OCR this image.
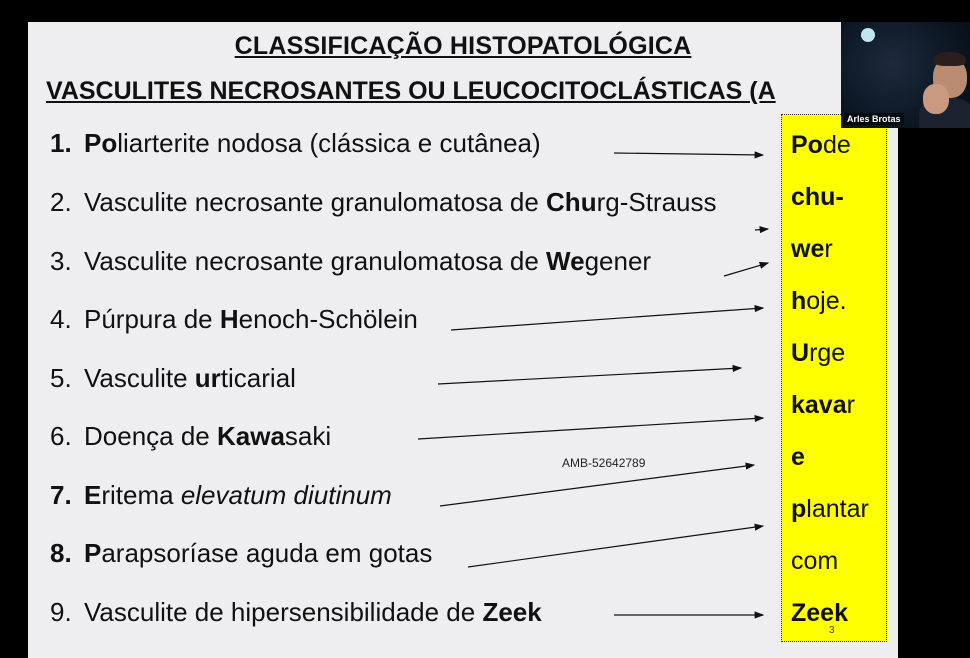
CLASSIFICAÇÃO HISTOPATOLÓGICA
VASCULITES NECROSANTES OU LEUCOCITOCLÁSTICAS (A
1. Poliarterite nodosa (clássica e cutânea)
2. Vasculite necrosante granulomatosa de Churg-Strauss
3. Vasculite necrosante granulomatosa de Wegener
4. Púrpura de Henoch-Schölein
5. Vasculite urticarial
6. Doença de Kawasaki
7. Eritema elevatum diutinum
8. Parapsoríase aguda em gotas
9. Vasculite de hipersensibilidade de Zeek
AMB-52642789
Pode
chu-
wer
hoje.
Urge
kavar
e
plantar
com
Zeek
3
Arles Brotas
